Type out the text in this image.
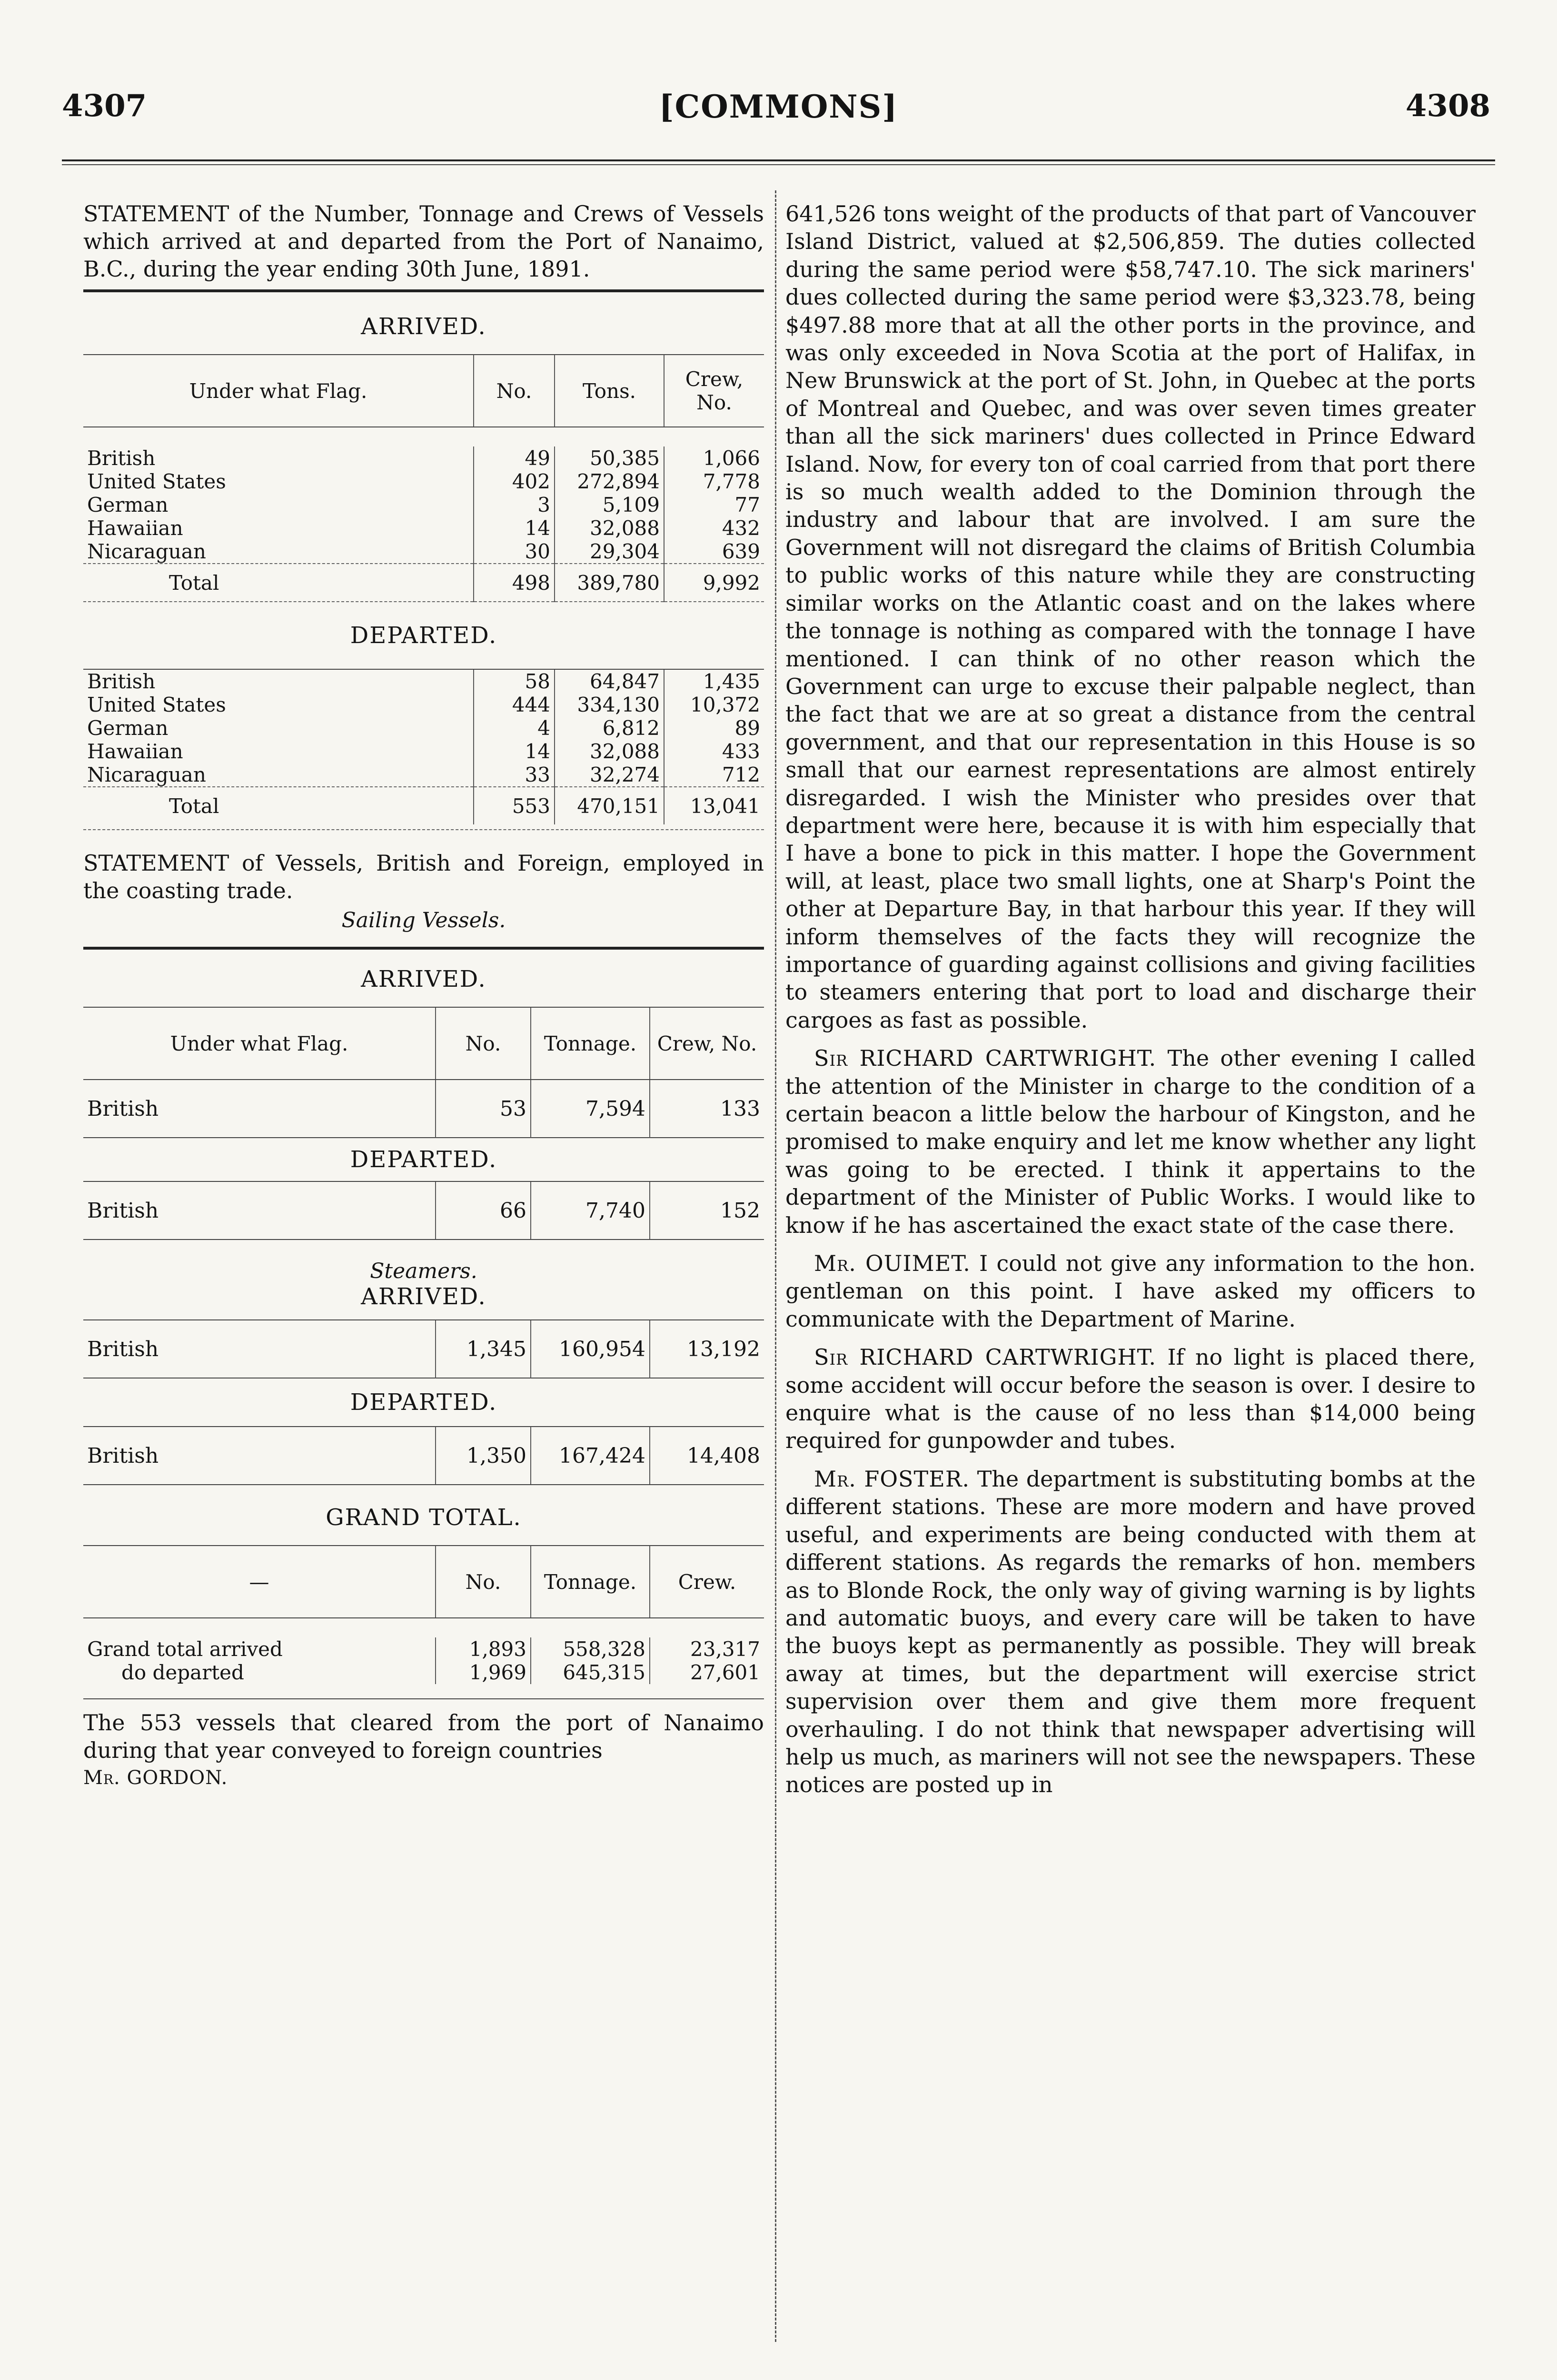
4307	[COMMONS]	4308

STATEMENT of the Number, Tonnage and Crews of Vessels which arrived at and departed from the Port of Nanaimo, B.C., during the year ending 30th June, 1891.

ARRIVED.

Under what Flag.	No.	Tons.	Crew, No.

British	49	50,385	1,066
United States	402	272,894	7,778
German	3	5,109	77
Hawaiian	14	32,088	432
Nicaraguan	30	29,304	639
Total	498	389,780	9,992

DEPARTED.			

British	58	64,847	1,435
United States	444	334,130	10,372
German	4	6,812	89
Hawaiian	14	32,088	433
Nicaraguan	33	32,274	712
Total	553	470,151	13,041

STATEMENT of Vessels, British and Foreign, employed in the coasting trade.

Sailing Vessels.

ARRIVED.

Under what Flag.	No.	Tonnage.	Crew, No.
British	53	7,594	133
DEPARTED.			
British	66	7,740	152

Steamers.

ARRIVED.

British	1,345	160,954	13,192
DEPARTED.			
British	1,350	167,424	14,408

GRAND TOTAL.

—	No.	Tonnage.	Crew.

Grand total arrived	1,893	558,328	23,317
do departed	1,969	645,315	27,601

The 553 vessels that cleared from the port of Nanaimo during that year conveyed to foreign countries

Mr. GORDON.

641,526 tons weight of the products of that part of Vancouver Island District, valued at $2,506,859. The duties collected during the same period were $58,747.10. The sick mariners' dues collected during the same period were $3,323.78, being $497.88 more that at all the other ports in the province, and was only exceeded in Nova Scotia at the port of Halifax, in New Brunswick at the port of St. John, in Quebec at the ports of Montreal and Quebec, and was over seven times greater than all the sick mariners' dues collected in Prince Edward Island. Now, for every ton of coal carried from that port there is so much wealth added to the Dominion through the industry and labour that are involved. I am sure the Government will not disregard the claims of British Columbia to public works of this nature while they are constructing similar works on the Atlantic coast and on the lakes where the tonnage is nothing as compared with the tonnage I have mentioned. I can think of no other reason which the Government can urge to excuse their palpable neglect, than the fact that we are at so great a distance from the central government, and that our representation in this House is so small that our earnest representations are almost entirely disregarded. I wish the Minister who presides over that department were here, because it is with him especially that I have a bone to pick in this matter. I hope the Government will, at least, place two small lights, one at Sharp's Point the other at Departure Bay, in that harbour this year. If they will inform themselves of the facts they will recognize the importance of guarding against collisions and giving facilities to steamers entering that port to load and discharge their cargoes as fast as possible.

Sir RICHARD CARTWRIGHT. The other evening I called the attention of the Minister in charge to the condition of a certain beacon a little below the harbour of Kingston, and he promised to make enquiry and let me know whether any light was going to be erected. I think it appertains to the department of the Minister of Public Works. I would like to know if he has ascertained the exact state of the case there.

Mr. OUIMET. I could not give any information to the hon. gentleman on this point. I have asked my officers to communicate with the Department of Marine.

Sir RICHARD CARTWRIGHT. If no light is placed there, some accident will occur before the season is over. I desire to enquire what is the cause of no less than $14,000 being required for gunpowder and tubes.

Mr. FOSTER. The department is substituting bombs at the different stations. These are more modern and have proved useful, and experiments are being conducted with them at different stations. As regards the remarks of hon. members as to Blonde Rock, the only way of giving warning is by lights and automatic buoys, and every care will be taken to have the buoys kept as permanently as possible. They will break away at times, but the department will exercise strict supervision over them and give them more frequent overhauling. I do not think that newspaper advertising will help us much, as mariners will not see the newspapers. These notices are posted up in
